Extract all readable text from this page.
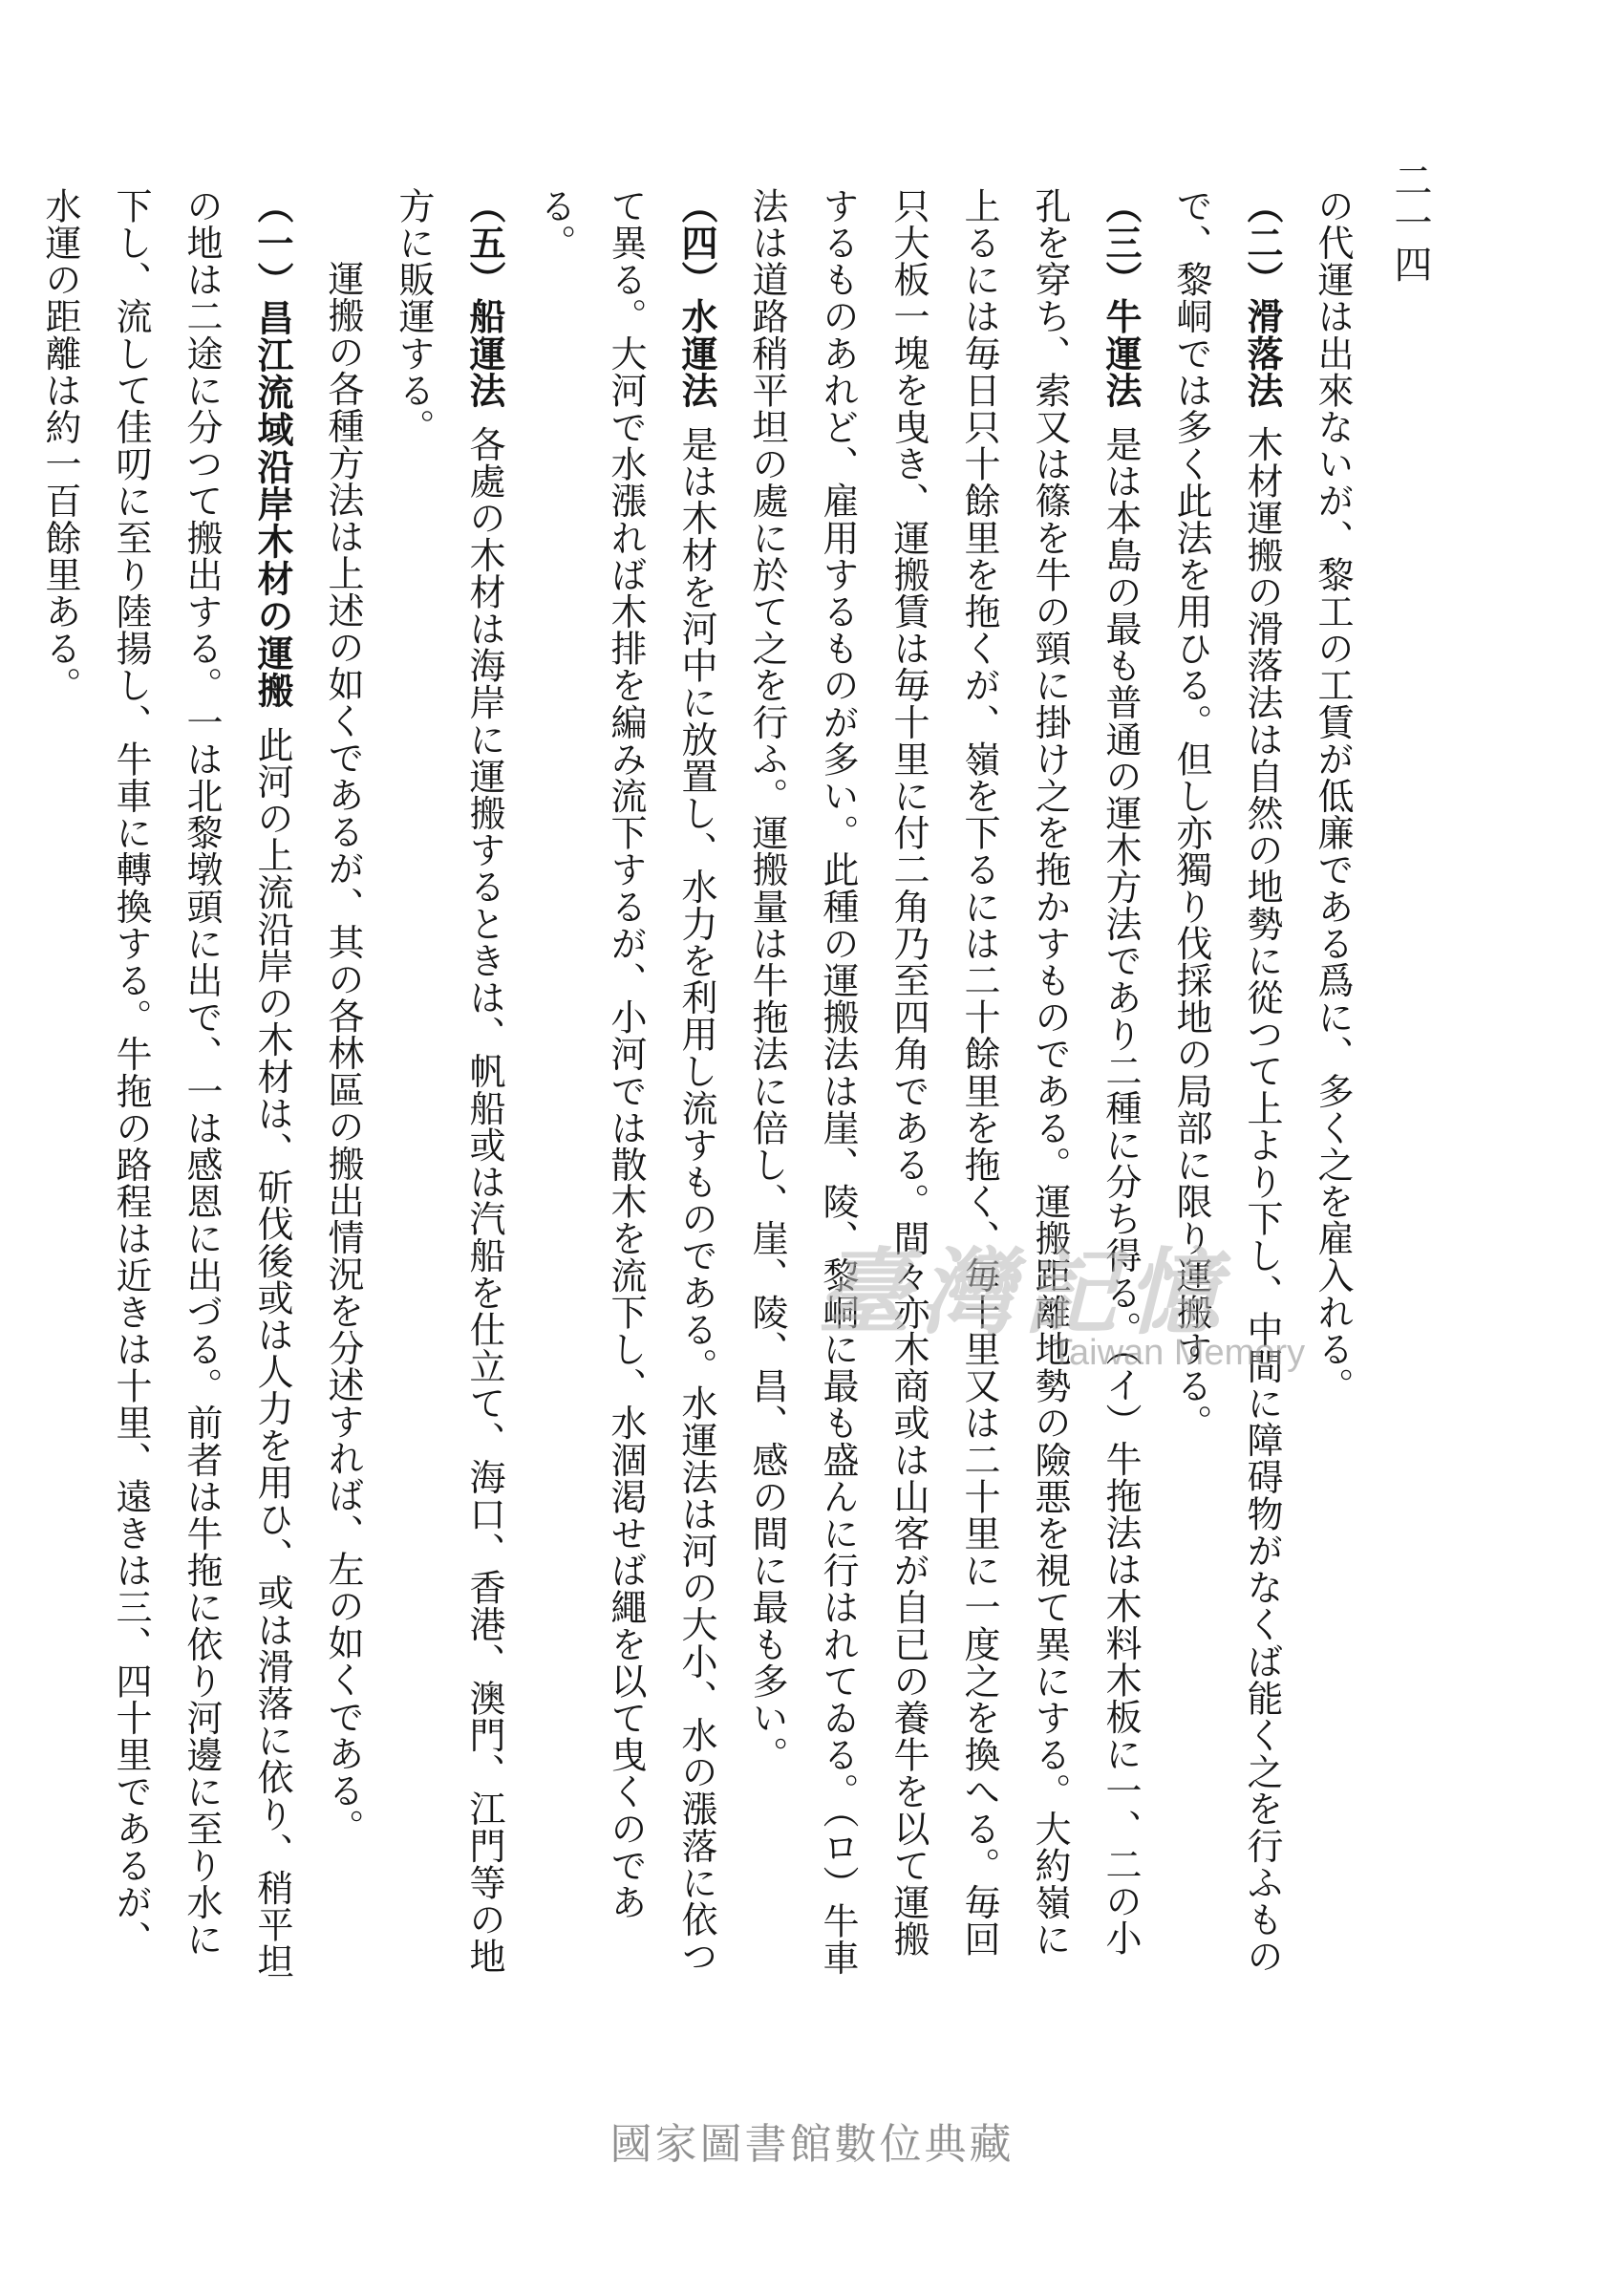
二一四

の代運は出來ないが、黎工の工賃が低廉である爲に、多く之を雇入れる。

（二）滑落法木材運搬の滑落法は自然の地勢に從つて上より下し、中間に障碍物がなくば能く之を行ふもので、黎峒では多く此法を用ひる。但し亦獨り伐採地の局部に限り運搬する。

（三）牛運法是は本島の最も普通の運木方法であり二種に分ち得る。（イ）牛拖法は木料木板に一、二の小孔を穿ち、索又は篠を牛の頸に掛け之を拖かすものである。運搬距離地勢の險悪を視て異にする。大約嶺に上るには毎日只十餘里を拖くが、嶺を下るには二十餘里を拖く、毎十里又は二十里に一度之を換へる。毎回只大板一塊を曳き、運搬賃は毎十里に付二角乃至四角である。間々亦木商或は山客が自已の養牛を以て運搬するものあれど、雇用するものが多い。此種の運搬法は崖、陵、黎峒に最も盛んに行はれてゐる。（ロ）牛車法は道路稍平坦の處に於て之を行ふ。運搬量は牛拖法に倍し、崖、陵、昌、感の間に最も多い。

（四）水運法是は木材を河中に放置し、水力を利用し流すものである。水運法は河の大小、水の漲落に依つて異る。大河で水漲れば木排を編み流下するが、小河では散木を流下し、水涸渇せば繩を以て曳くのである。

（五）船運法各處の木材は海岸に運搬するときは、帆船或は汽船を仕立て、海口、香港、澳門、江門等の地方に販運する。

運搬の各種方法は上述の如くであるが、其の各林區の搬出情況を分述すれば、左の如くである。

（一）昌江流域沿岸木材の運搬此河の上流沿岸の木材は、斫伐後或は人力を用ひ、或は滑落に依り、稍平坦の地は二途に分つて搬出する。一は北黎墩頭に出で、一は感恩に出づる。前者は牛拖に依り河邊に至り水に下し、流して佳叨に至り陸揚し、牛車に轉換する。牛拖の路程は近きは十里、遠きは三、四十里であるが、水運の距離は約一百餘里ある。

臺灣記憶
Taiwan Memory
國家圖書館數位典藏
